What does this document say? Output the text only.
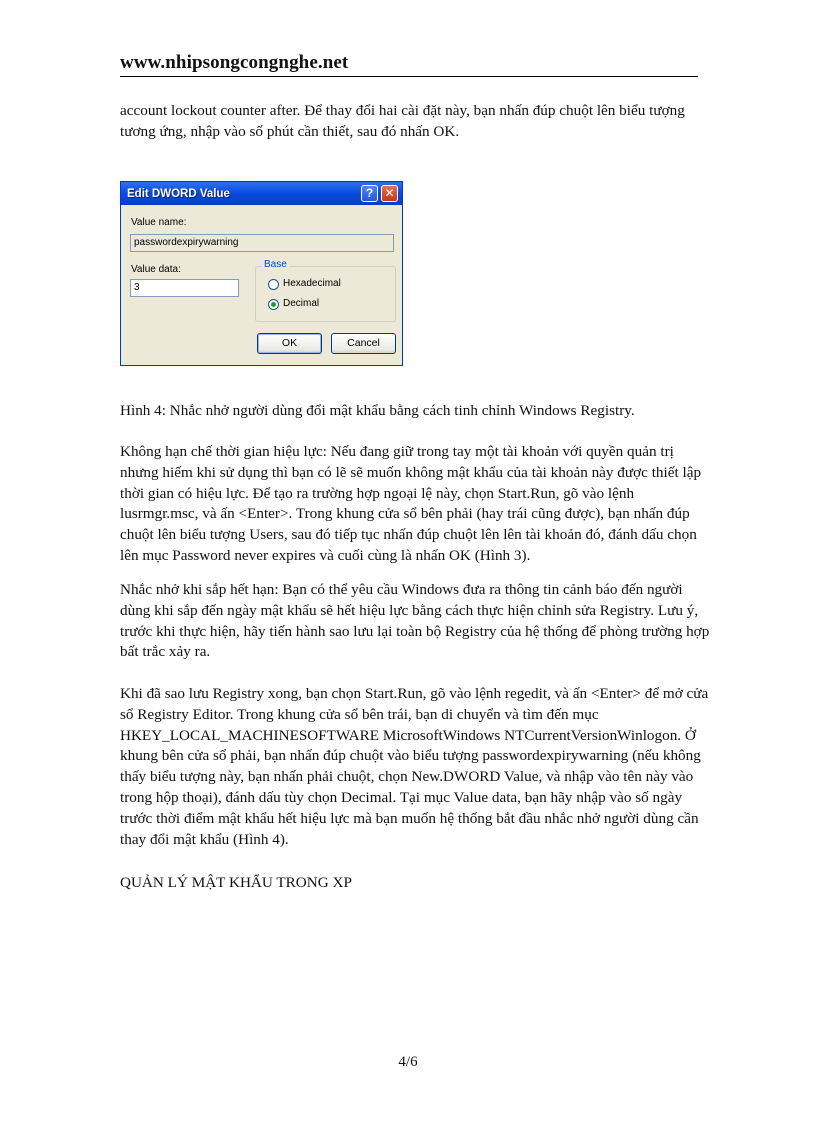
www.nhipsongcongnghe.net

account lockout counter after. Để thay đổi hai cài đặt này, bạn nhấn đúp chuột lên biểu tượng tương ứng, nhập vào số phút cần thiết, sau đó nhấn OK.

Edit DWORD Value	? ✕
Value name:
passwordexpirywarning
Value data:
3
Base
Hexadecimal
Decimal
OK	Cancel

Hình 4: Nhắc nhở người dùng đổi mật khẩu bằng cách tinh chỉnh Windows Registry.

Không hạn chế thời gian hiệu lực: Nếu đang giữ trong tay một tài khoản với quyền quản trị nhưng hiếm khi sử dụng thì bạn có lẽ sẽ muốn không mật khẩu của tài khoản này được thiết lập thời gian có hiệu lực. Để tạo ra trường hợp ngoại lệ này, chọn Start.Run, gõ vào lệnh lusrmgr.msc, và ấn <Enter>. Trong khung cửa sổ bên phải (hay trái cũng được), bạn nhấn đúp chuột lên biểu tượng Users, sau đó tiếp tục nhấn đúp chuột lên lên tài khoản đó, đánh dấu chọn lên mục Password never expires và cuối cùng là nhấn OK (Hình 3).

Nhắc nhở khi sắp hết hạn: Bạn có thể yêu cầu Windows đưa ra thông tin cảnh báo đến người dùng khi sắp đến ngày mật khẩu sẽ hết hiệu lực bằng cách thực hiện chỉnh sửa Registry. Lưu ý, trước khi thực hiện, hãy tiến hành sao lưu lại toàn bộ Registry của hệ thống để phòng trường hợp bất trắc xảy ra.

Khi đã sao lưu Registry xong, bạn chọn Start.Run, gõ vào lệnh regedit, và ấn <Enter> để mở cửa sổ Registry Editor. Trong khung cửa sổ bên trái, bạn di chuyển và tìm đến mục HKEY_LOCAL_MACHINESOFTWARE MicrosoftWindows NTCurrentVersionWinlogon. Ở khung bên cửa sổ phải, bạn nhấn đúp chuột vào biểu tượng passwordexpirywarning (nếu không thấy biểu tượng này, bạn nhấn phải chuột, chọn New.DWORD Value, và nhập vào tên này vào trong hộp thoại), đánh dấu tùy chọn Decimal. Tại mục Value data, bạn hãy nhập vào số ngày trước thời điểm mật khẩu hết hiệu lực mà bạn muốn hệ thống bắt đầu nhắc nhở người dùng cần thay đổi mật khẩu (Hình 4).

QUẢN LÝ MẬT KHẨU TRONG XP

4/6
